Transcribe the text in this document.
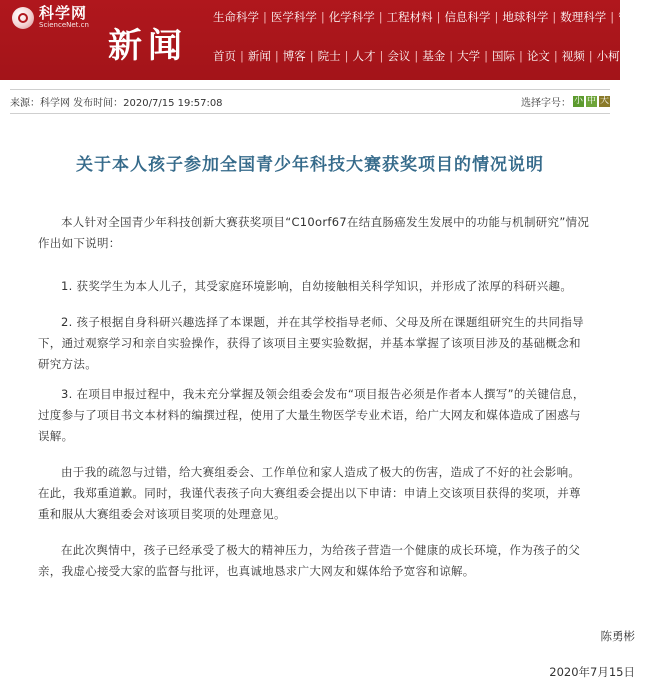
科学网
ScienceNet.cn
新闻
生命科学 | 医学科学 | 化学科学 | 工程材料 | 信息科学 | 地球科学 | 数理科学 | 管理
首页 | 新闻 | 博客 | 院士 | 人才 | 会议 | 基金 | 大学 | 国际 | 论文 | 视频 | 小柯机器人
来源：科学网 发布时间：2020/7/15 19:57:08	选择字号： 小 中 大
关于本人孩子参加全国青少年科技大赛获奖项目的情况说明

本人针对全国青少年科技创新大赛获奖项目“C10orf67在结直肠癌发生发展中的功能与机制研究”情况作出如下说明：

1. 获奖学生为本人儿子，其受家庭环境影响，自幼接触相关科学知识，并形成了浓厚的科研兴趣。

2. 孩子根据自身科研兴趣选择了本课题，并在其学校指导老师、父母及所在课题组研究生的共同指导下，通过观察学习和亲自实验操作，获得了该项目主要实验数据，并基本掌握了该项目涉及的基础概念和研究方法。

3. 在项目申报过程中，我未充分掌握及领会组委会发布“项目报告必须是作者本人撰写”的关键信息，过度参与了项目书文本材料的编撰过程，使用了大量生物医学专业术语，给广大网友和媒体造成了困惑与误解。

由于我的疏忽与过错，给大赛组委会、工作单位和家人造成了极大的伤害，造成了不好的社会影响。在此，我郑重道歉。同时，我谨代表孩子向大赛组委会提出以下申请：申请上交该项目获得的奖项，并尊重和服从大赛组委会对该项目奖项的处理意见。

在此次舆情中，孩子已经承受了极大的精神压力，为给孩子营造一个健康的成长环境，作为孩子的父亲，我虚心接受大家的监督与批评，也真诚地恳求广大网友和媒体给予宽容和谅解。

陈勇彬
2020年7月15日
